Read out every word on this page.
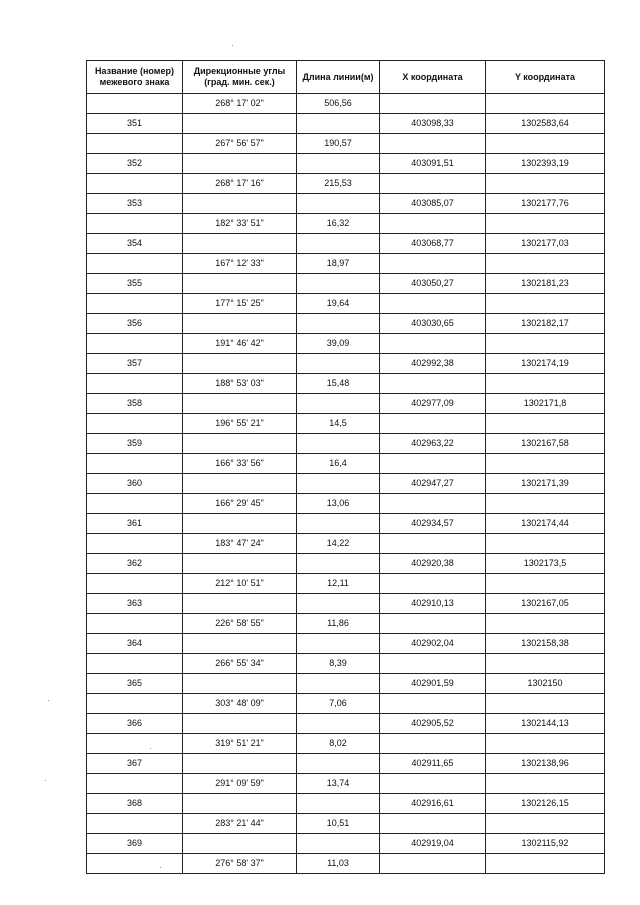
Название (номер) межевого знака	Дирекционные углы (град. мин. сек.)	Длина линии(м)	X координата	Y координата
	268° 17' 02"	506,56		
351			403098,33	1302583,64
	267° 56' 57"	190,57		
352			403091,51	1302393,19
	268° 17' 16"	215,53		
353			403085,07	1302177,76
	182° 33' 51"	16,32		
354			403068,77	1302177,03
	167° 12' 33"	18,97		
355			403050,27	1302181,23
	177° 15' 25"	19,64		
356			403030,65	1302182,17
	191° 46' 42"	39,09		
357			402992,38	1302174,19
	188° 53' 03"	15,48		
358			402977,09	1302171,8
	196° 55' 21"	14,5		
359			402963,22	1302167,58
	166° 33' 56"	16,4		
360			402947,27	1302171,39
	166° 29' 45"	13,06		
361			402934,57	1302174,44
	183° 47' 24"	14,22		
362			402920,38	1302173,5
	212° 10' 51"	12,11		
363			402910,13	1302167,05
	226° 58' 55"	11,86		
364			402902,04	1302158,38
	266° 55' 34"	8,39		
365			402901,59	1302150
	303° 48' 09"	7,06		
366			402905,52	1302144,13
	319° 51' 21"	8,02		
367			402911,65	1302138,96
	291° 09' 59"	13,74		
368			402916,61	1302126,15
	283° 21' 44"	10,51		
369			402919,04	1302115,92
	276° 58' 37"	11,03		
